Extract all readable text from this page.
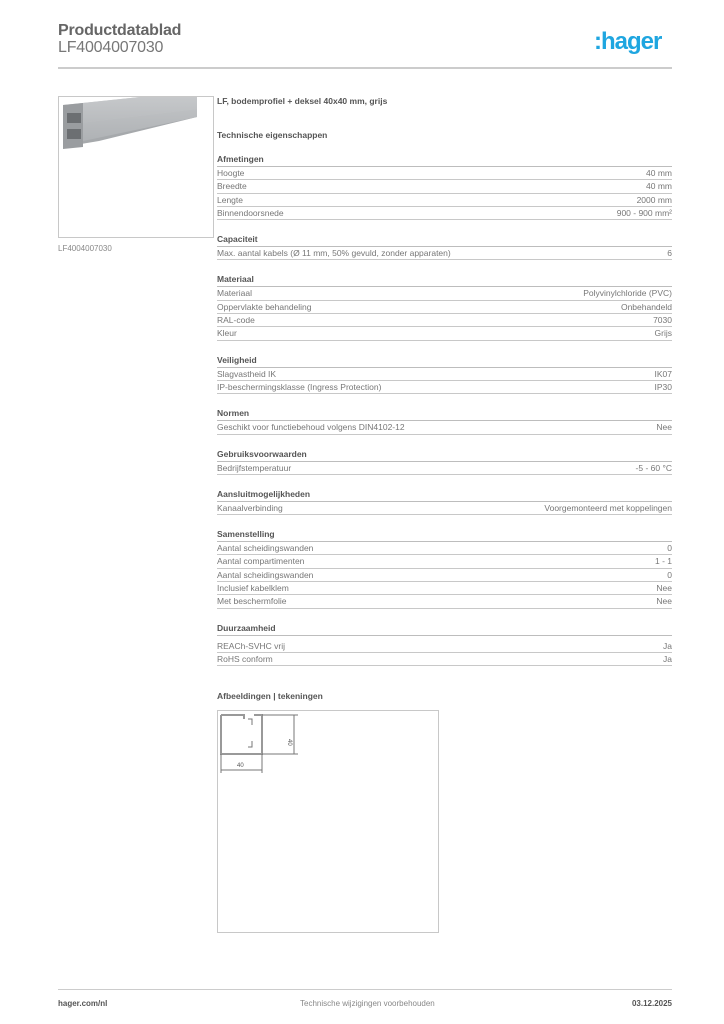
Productdatablad
LF4004007030	:hager
LF4004007030
LF, bodemprofiel + deksel 40x40 mm, grijs
Technische eigenschappen
Afmetingen
Hoogte	40 mm
Breedte	40 mm
Lengte	2000 mm
Binnendoorsnede	900 - 900 mm²
Capaciteit
Max. aantal kabels (Ø 11 mm, 50% gevuld, zonder apparaten)	6
Materiaal
Materiaal	Polyvinylchloride (PVC)
Oppervlakte behandeling	Onbehandeld
RAL-code	7030
Kleur	Grijs
Veiligheid
Slagvastheid IK	IK07
IP-beschermingsklasse (Ingress Protection)	IP30
Normen
Geschikt voor functiebehoud volgens DIN4102-12	Nee
Gebruiksvoorwaarden
Bedrijfstemperatuur	-5 - 60 °C
Aansluitmogelijkheden
Kanaalverbinding	Voorgemonteerd met koppelingen
Samenstelling
Aantal scheidingswanden	0
Aantal compartimenten	1 - 1
Aantal scheidingswanden	0
Inclusief kabelklem	Nee
Met beschermfolie	Nee
Duurzaamheid
REACh-SVHC vrij	Ja
RoHS conform	Ja
Afbeeldingen | tekeningen
40
40
hager.com/nl	Technische wijzigingen voorbehouden	03.12.2025
